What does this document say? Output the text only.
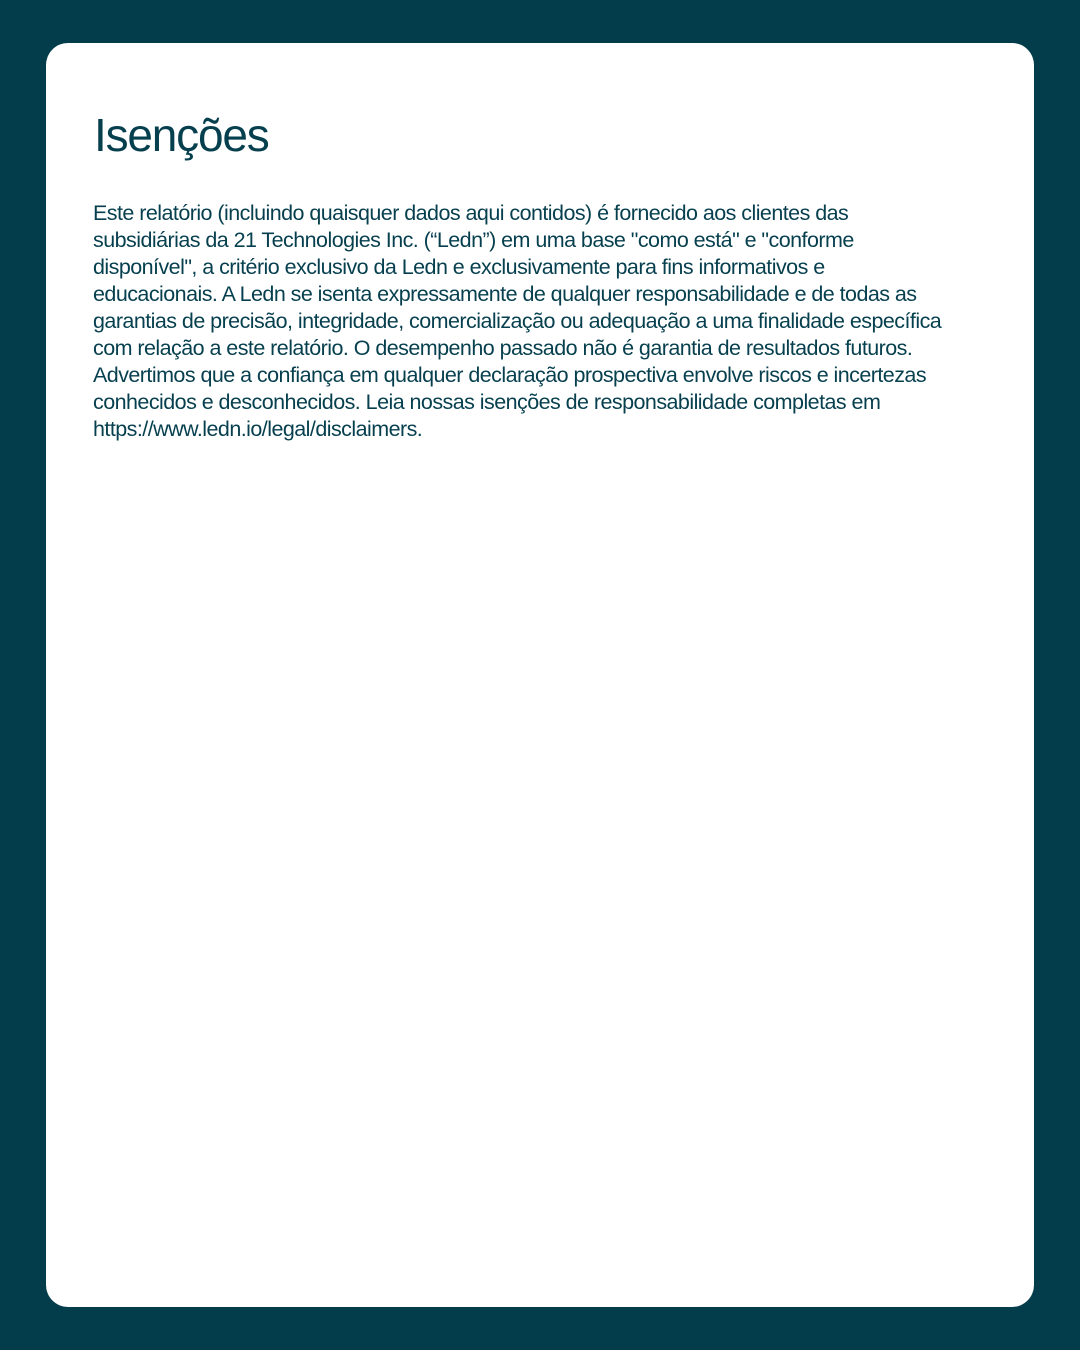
Isenções

Este relatório (incluindo quaisquer dados aqui contidos) é fornecido aos clientes das subsidiárias da 21 Technologies Inc. (“Ledn”) em uma base "como está" e "conforme disponível", a critério exclusivo da Ledn e exclusivamente para fins informativos e educacionais. A Ledn se isenta expressamente de qualquer responsabilidade e de todas as garantias de precisão, integridade, comercialização ou adequação a uma finalidade específica com relação a este relatório. O desempenho passado não é garantia de resultados futuros. Advertimos que a confiança em qualquer declaração prospectiva envolve riscos e incertezas conhecidos e desconhecidos. Leia nossas isenções de responsabilidade completas em https://www.ledn.io/legal/disclaimers.
